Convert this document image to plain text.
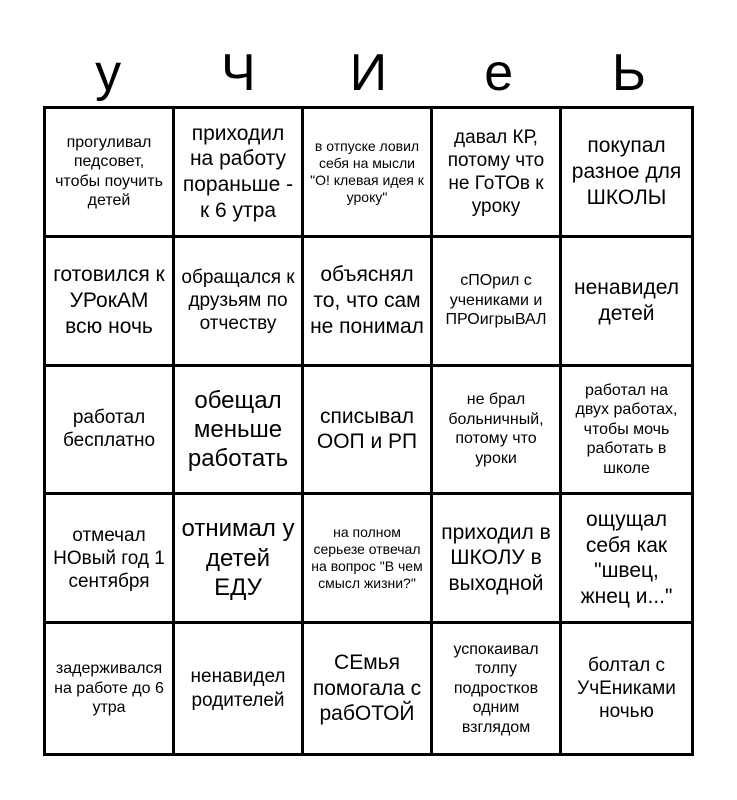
у	Ч	И	е	Ь
прогуливал педсовет, чтобы поучить детей
приходил на работу пораньше - к 6 утра
в отпуске ловил себя на мысли "О! клевая идея к уроку"
давал КР, потому что не ГоТОв к уроку
покупал разное для ШКОЛЫ
готовился к УРокАМ всю ночь
обращался к друзьям по отчеству
объяснял то, что сам не понимал
сПОрил с учениками и ПРОигрыВАЛ
ненавидел детей
работал бесплатно
обещал меньше работать
списывал ООП и РП
не брал больничный, потому что уроки
работал на двух работах, чтобы мочь работать в школе
отмечал НОвый год 1 сентября
отнимал у детей ЕДУ
на полном серьезе отвечал на вопрос "В чем смысл жизни?"
приходил в ШКОЛУ в выходной
ощущал себя как "швец, жнец и..."
задерживался на работе до 6 утра
ненавидел родителей
СЕмья помогала с рабОТОЙ
успокаивал толпу подростков одним взглядом
болтал с УчЕниками ночью
